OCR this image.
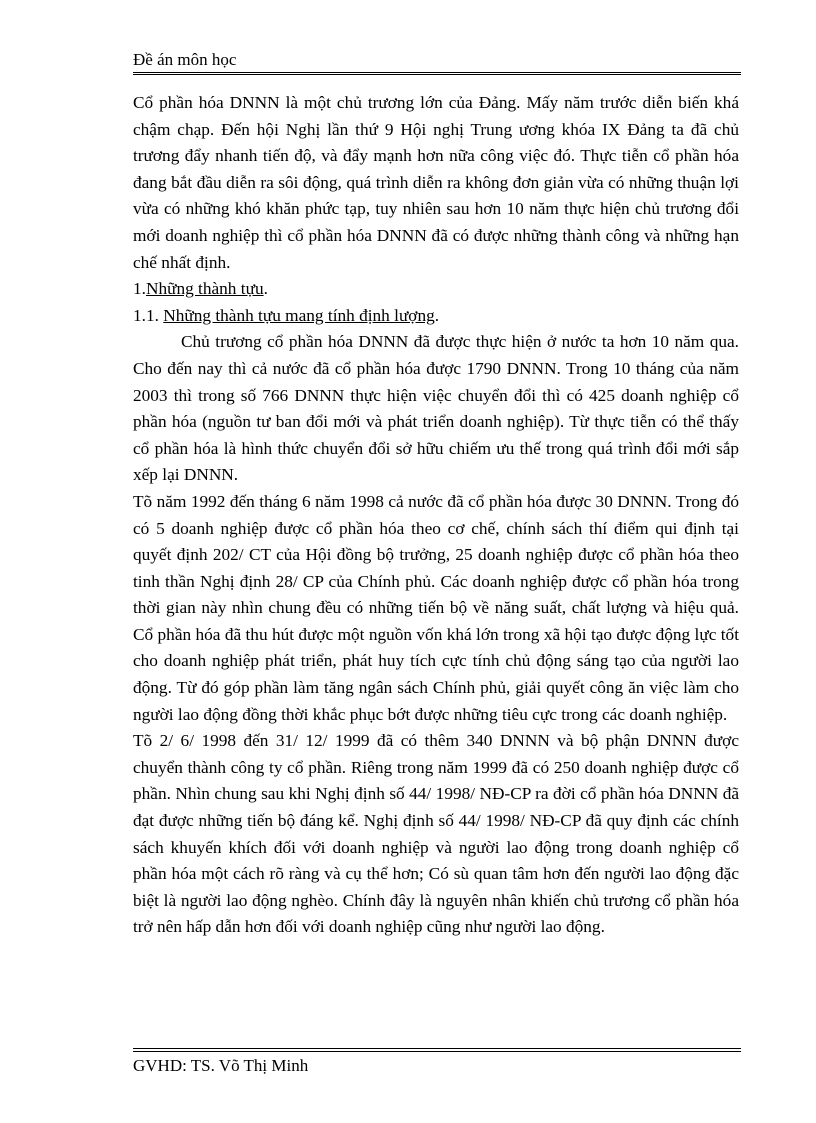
Đề án môn học

Cổ phần hóa DNNN là một chủ trương lớn của Đảng. Mấy năm trước diễn biến khá chậm chạp. Đến hội Nghị lần thứ 9 Hội nghị Trung ương khóa IX Đảng ta đã chủ trương đẩy nhanh tiến độ, và đẩy mạnh hơn nữa công việc đó. Thực tiễn cổ phần hóa đang bắt đầu diễn ra sôi động, quá trình diễn ra không đơn giản vừa có những thuận lợi vừa có những khó khăn phức tạp, tuy nhiên sau hơn 10 năm thực hiện chủ trương đổi mới doanh nghiệp thì cổ phần hóa DNNN đã có được những thành công và những hạn chế nhất định.

1.Những thành tựu.

1.1. Những thành tựu mang tính định lượng.

Chủ trương cổ phần hóa DNNN đã được thực hiện ở nước ta hơn 10 năm qua. Cho đến nay thì cả nước đã cổ phần hóa được 1790 DNNN. Trong 10 tháng của năm 2003 thì trong số 766 DNNN thực hiện việc chuyển đổi thì có 425 doanh nghiệp cổ phần hóa (nguồn tư ban đổi mới và phát triển doanh nghiệp). Từ thực tiễn có thể thấy cổ phần hóa là hình thức chuyển đổi sở hữu chiếm ưu thế trong quá trình đổi mới sắp xếp lại DNNN.

Tõ năm 1992 đến tháng 6 năm 1998 cả nước đã cổ phần hóa được 30 DNNN. Trong đó có 5 doanh nghiệp được cổ phần hóa theo cơ chế, chính sách thí điểm qui định tại quyết định 202/ CT của Hội đồng bộ trưởng, 25 doanh nghiệp được cổ phần hóa theo tinh thần Nghị định 28/ CP của Chính phủ. Các doanh nghiệp được cổ phần hóa trong thời gian này nhìn chung đều có những tiến bộ về năng suất, chất lượng và hiệu quả. Cổ phần hóa đã thu hút được một nguồn vốn khá lớn trong xã hội tạo được động lực tốt cho doanh nghiệp phát triển, phát huy tích cực tính chủ động sáng tạo của người lao động. Từ đó góp phần làm tăng ngân sách Chính phủ, giải quyết công ăn việc làm cho người lao động đồng thời khắc phục bớt được những tiêu cực trong các doanh nghiệp.

Tõ 2/ 6/ 1998 đến 31/ 12/ 1999 đã có thêm 340 DNNN và bộ phận DNNN được chuyển thành công ty cổ phần. Riêng trong năm 1999 đã có 250 doanh nghiệp được cổ phần. Nhìn chung sau khi Nghị định số 44/ 1998/ NĐ-CP ra đời cổ phần hóa DNNN đã đạt được những tiến bộ đáng kể. Nghị định số 44/ 1998/ NĐ-CP đã quy định các chính sách khuyến khích đối với doanh nghiệp và người lao động trong doanh nghiệp cổ phần hóa một cách rõ ràng và cụ thể hơn; Có sù quan tâm hơn đến người lao động đặc biệt là người lao động nghèo. Chính đây là nguyên nhân khiến chủ trương cổ phần hóa trở nên hấp dẫn hơn đối với doanh nghiệp cũng như người lao động.

GVHD: TS. Võ Thị Minh
